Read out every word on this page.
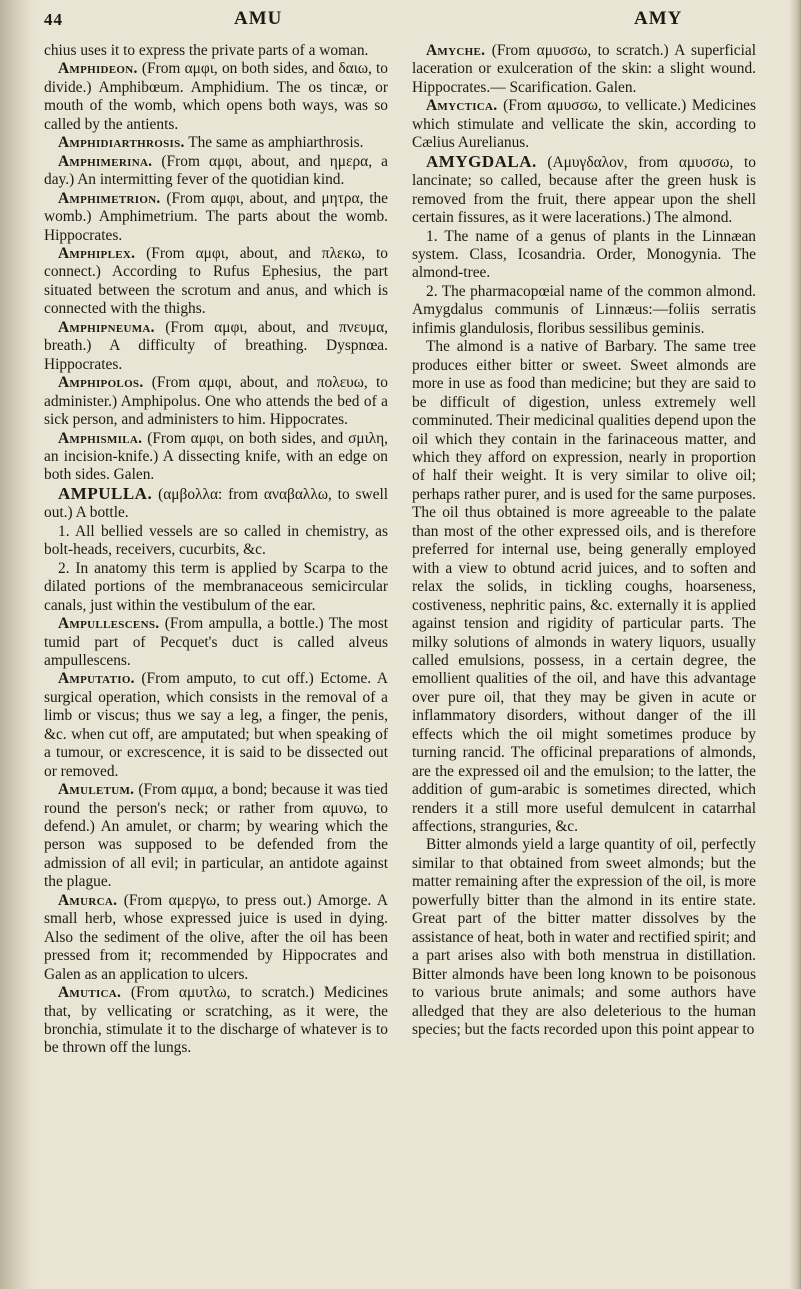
44	AMU	AMY

chius uses it to express the private parts of a woman.

Amphideon. (From αμφι, on both sides, and δαιω, to divide.) Amphibœum. Amphidium. The os tincæ, or mouth of the womb, which opens both ways, was so called by the antients.

Amphidiarthrosis. The same as amphiarthrosis.

Amphimerina. (From αμφι, about, and ημερα, a day.) An intermitting fever of the quotidian kind.

Amphimetrion. (From αμφι, about, and μητρα, the womb.) Amphimetrium. The parts about the womb. Hippocrates.

Amphiplex. (From αμφι, about, and πλεκω, to connect.) According to Rufus Ephesius, the part situated between the scrotum and anus, and which is connected with the thighs.

Amphipneuma. (From αμφι, about, and πνευμα, breath.) A difficulty of breathing. Dyspnœa. Hippocrates.

Amphipolos. (From αμφι, about, and πολευω, to administer.) Amphipolus. One who attends the bed of a sick person, and administers to him. Hippocrates.

Amphismila. (From αμφι, on both sides, and σμιλη, an incision-knife.) A dissecting knife, with an edge on both sides. Galen.

AMPULLA. (αμβολλα: from αναβαλλω, to swell out.) A bottle.

1. All bellied vessels are so called in chemistry, as bolt-heads, receivers, cucurbits, &c.

2. In anatomy this term is applied by Scarpa to the dilated portions of the membranaceous semicircular canals, just within the vestibulum of the ear.

Ampullescens. (From ampulla, a bottle.) The most tumid part of Pecquet's duct is called alveus ampullescens.

Amputatio. (From amputo, to cut off.) Ectome. A surgical operation, which consists in the removal of a limb or viscus; thus we say a leg, a finger, the penis, &c. when cut off, are amputated; but when speaking of a tumour, or excrescence, it is said to be dissected out or removed.

Amuletum. (From αμμα, a bond; because it was tied round the person's neck; or rather from αμυνω, to defend.) An amulet, or charm; by wearing which the person was supposed to be defended from the admission of all evil; in particular, an antidote against the plague.

Amurca. (From αμεργω, to press out.) Amorge. A small herb, whose expressed juice is used in dying. Also the sediment of the olive, after the oil has been pressed from it; recommended by Hippocrates and Galen as an application to ulcers.

Amutica. (From αμυτλω, to scratch.) Medicines that, by vellicating or scratching, as it were, the bronchia, stimulate it to the discharge of whatever is to be thrown off the lungs.

Amyche. (From αμυσσω, to scratch.) A superficial laceration or exulceration of the skin: a slight wound. Hippocrates.— Scarification. Galen.

Amyctica. (From αμυσσω, to vellicate.) Medicines which stimulate and vellicate the skin, according to Cælius Aurelianus.

AMYGDALA. (Αμυγδαλον, from αμυσσω, to lancinate; so called, because after the green husk is removed from the fruit, there appear upon the shell certain fissures, as it were lacerations.) The almond.

1. The name of a genus of plants in the Linnæan system. Class, Icosandria. Order, Monogynia. The almond-tree.

2. The pharmacopœial name of the common almond. Amygdalus communis of Linnæus:—foliis serratis infimis glandulosis, floribus sessilibus geminis.

The almond is a native of Barbary. The same tree produces either bitter or sweet. Sweet almonds are more in use as food than medicine; but they are said to be difficult of digestion, unless extremely well comminuted. Their medicinal qualities depend upon the oil which they contain in the farinaceous matter, and which they afford on expression, nearly in proportion of half their weight. It is very similar to olive oil; perhaps rather purer, and is used for the same purposes. The oil thus obtained is more agreeable to the palate than most of the other expressed oils, and is therefore preferred for internal use, being generally employed with a view to obtund acrid juices, and to soften and relax the solids, in tickling coughs, hoarseness, costiveness, nephritic pains, &c. externally it is applied against tension and rigidity of particular parts. The milky solutions of almonds in watery liquors, usually called emulsions, possess, in a certain degree, the emollient qualities of the oil, and have this advantage over pure oil, that they may be given in acute or inflammatory disorders, without danger of the ill effects which the oil might sometimes produce by turning rancid. The officinal preparations of almonds, are the expressed oil and the emulsion; to the latter, the addition of gum-arabic is sometimes directed, which renders it a still more useful demulcent in catarrhal affections, stranguries, &c.

Bitter almonds yield a large quantity of oil, perfectly similar to that obtained from sweet almonds; but the matter remaining after the expression of the oil, is more powerfully bitter than the almond in its entire state. Great part of the bitter matter dissolves by the assistance of heat, both in water and rectified spirit; and a part arises also with both menstrua in distillation. Bitter almonds have been long known to be poisonous to various brute animals; and some authors have alledged that they are also deleterious to the human species; but the facts recorded upon this point appear to
